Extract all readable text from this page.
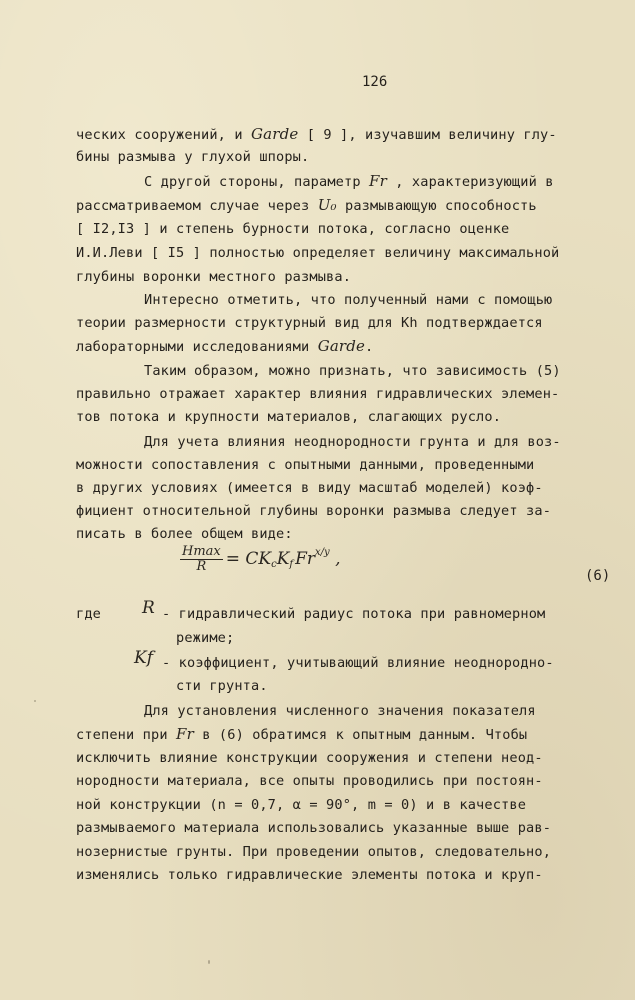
126
ческих сооружений, и Garde [ 9 ], изучавшим величину глу-
бины размыва у глухой шпоры.
С другой стороны, параметр Fr , характеризующий в
рассматриваемом случае через U₀ размывающую способность
[ I2,I3 ] и степень бурности потока, согласно оценке
И.И.Леви [ I5 ] полностью определяет величину максимальной
глубины воронки местного размыва.
Интересно отметить, что полученный нами с помощью
теории размерности структурный вид для Kh подтверждается
лабораторными исследованиями Garde.
Таким образом, можно признать, что зависимость (5)
правильно отражает характер влияния гидравлических элемен-
тов потока и крупности материалов, слагающих русло.
Для учета влияния неоднородности грунта и для воз-
можности сопоставления с опытными данными, проведенными
в других условиях (имеется в виду масштаб моделей) коэф-
фициент относительной глубины воронки размыва следует за-
писать в более общем виде:
$\frac{Hmax}{R} = CK_cK_f$ $Fr^{x/y}$ ,
(6)
где R - гидравлический радиус потока при равномерном
режиме;
Kf - коэффициент, учитывающий влияние неоднородно-
сти грунта.
Для установления численного значения показателя
степени при Fr в (6) обратимся к опытным данным. Чтобы
исключить влияние конструкции сооружения и степени неод-
нородности материала, все опыты проводились при постоян-
ной конструкции (n = 0,7, α = 90°, m = 0) и в качестве
размываемого материала использовались указанные выше рав-
нозернистые грунты. При проведении опытов, следовательно,
изменялись только гидравлические элементы потока и круп-
